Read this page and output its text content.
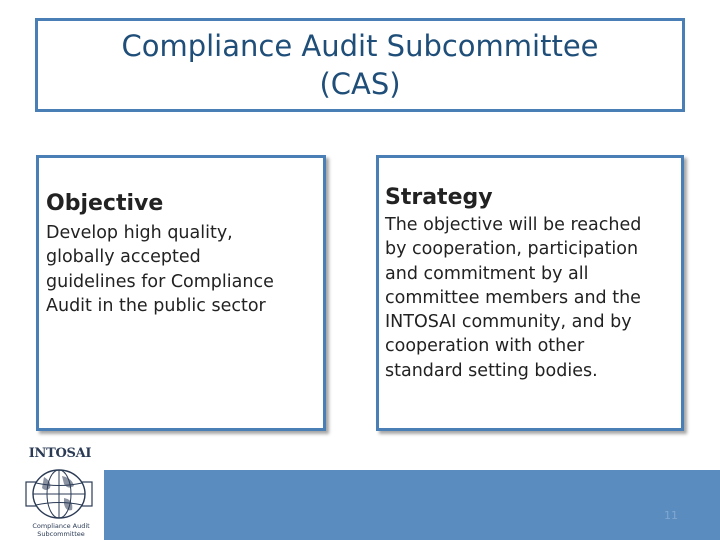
Compliance Audit Subcommittee
(CAS)
Objective
Develop high quality,
globally accepted
guidelines for Compliance
Audit in the public sector
Strategy
The objective will be reached
by cooperation, participation
and commitment by all
committee members and the
INTOSAI community, and by
cooperation with other
standard setting bodies.
11
INTOSAI
Compliance Audit
Subcommittee
